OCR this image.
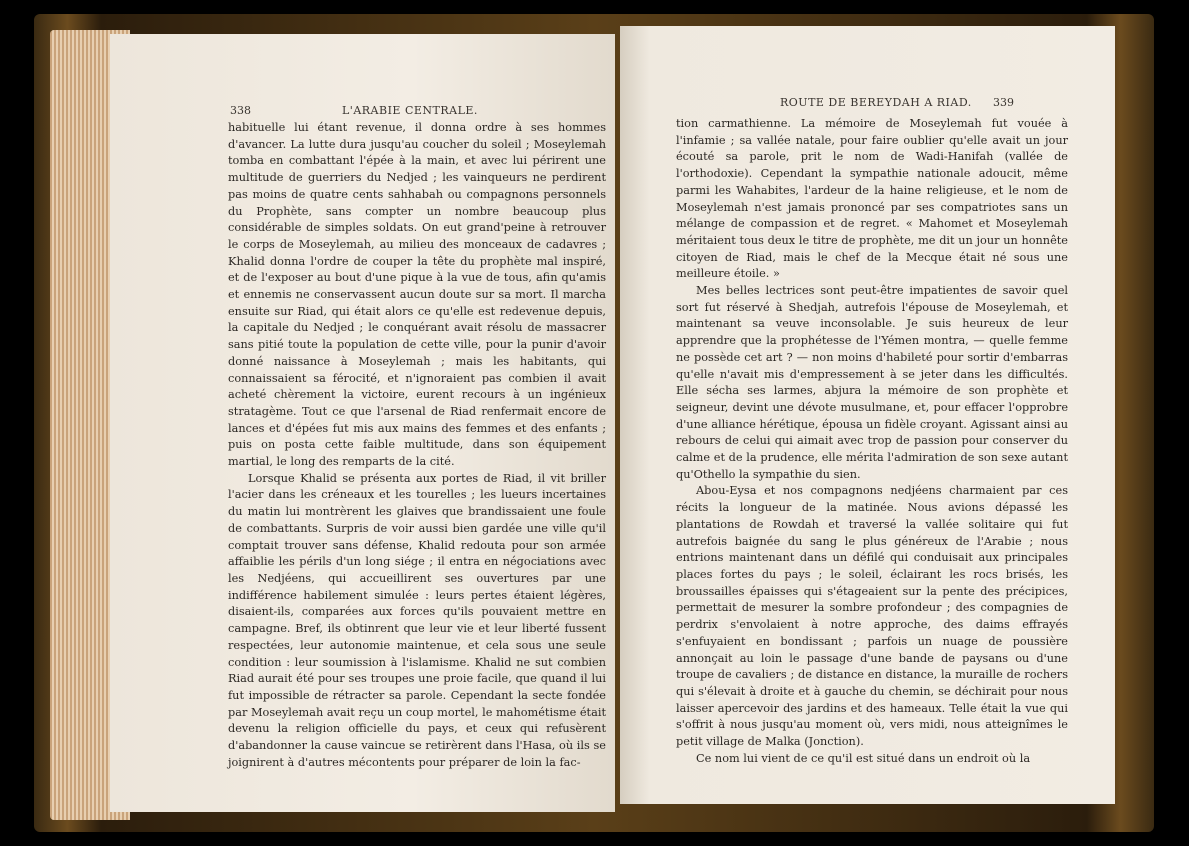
338	L'ARABIE CENTRALE.

habituelle lui étant revenue, il donna ordre à ses hommes d'avancer. La lutte dura jusqu'au coucher du soleil ; Moseylemah tomba en combattant l'épée à la main, et avec lui périrent une multitude de guerriers du Nedjed ; les vainqueurs ne perdirent pas moins de quatre cents sahhabah ou compagnons personnels du Prophète, sans compter un nombre beaucoup plus considérable de simples soldats. On eut grand'peine à retrouver le corps de Moseylemah, au milieu des monceaux de cadavres ; Khalid donna l'ordre de couper la tête du prophète mal inspiré, et de l'exposer au bout d'une pique à la vue de tous, afin qu'amis et ennemis ne conservassent aucun doute sur sa mort. Il marcha ensuite sur Riad, qui était alors ce qu'elle est redevenue depuis, la capitale du Nedjed ; le conquérant avait résolu de massacrer sans pitié toute la population de cette ville, pour la punir d'avoir donné naissance à Moseylemah ; mais les habitants, qui connaissaient sa férocité, et n'ignoraient pas combien il avait acheté chèrement la victoire, eurent recours à un ingénieux stratagème. Tout ce que l'arsenal de Riad renfermait encore de lances et d'épées fut mis aux mains des femmes et des enfants ; puis on posta cette faible multitude, dans son équipement martial, le long des remparts de la cité.

Lorsque Khalid se présenta aux portes de Riad, il vit briller l'acier dans les créneaux et les tourelles ; les lueurs incertaines du matin lui montrèrent les glaives que brandissaient une foule de combattants. Surpris de voir aussi bien gardée une ville qu'il comptait trouver sans défense, Khalid redouta pour son armée affaiblie les périls d'un long siége ; il entra en négociations avec les Nedjéens, qui accueillirent ses ouvertures par une indifférence habilement simulée : leurs pertes étaient légères, disaient-ils, comparées aux forces qu'ils pouvaient mettre en campagne. Bref, ils obtinrent que leur vie et leur liberté fussent respectées, leur autonomie maintenue, et cela sous une seule condition : leur soumission à l'islamisme. Khalid ne sut combien Riad aurait été pour ses troupes une proie facile, que quand il lui fut impossible de rétracter sa parole. Cependant la secte fondée par Moseylemah avait reçu un coup mortel, le mahométisme était devenu la religion officielle du pays, et ceux qui refusèrent d'abandonner la cause vaincue se retirèrent dans l'Hasa, où ils se joignirent à d'autres mécontents pour préparer de loin la fac-

ROUTE DE BEREYDAH A RIAD. 339

tion carmathienne. La mémoire de Moseylemah fut vouée à l'infamie ; sa vallée natale, pour faire oublier qu'elle avait un jour écouté sa parole, prit le nom de Wadi-Hanifah (vallée de l'orthodoxie). Cependant la sympathie nationale adoucit, même parmi les Wahabites, l'ardeur de la haine religieuse, et le nom de Moseylemah n'est jamais prononcé par ses compatriotes sans un mélange de compassion et de regret. « Mahomet et Moseylemah méritaient tous deux le titre de prophète, me dit un jour un honnête citoyen de Riad, mais le chef de la Mecque était né sous une meilleure étoile. »

Mes belles lectrices sont peut-être impatientes de savoir quel sort fut réservé à Shedjah, autrefois l'épouse de Moseylemah, et maintenant sa veuve inconsolable. Je suis heureux de leur apprendre que la prophétesse de l'Yémen montra, — quelle femme ne possède cet art ? — non moins d'habileté pour sortir d'embarras qu'elle n'avait mis d'empressement à se jeter dans les difficultés. Elle sécha ses larmes, abjura la mémoire de son prophète et seigneur, devint une dévote musulmane, et, pour effacer l'opprobre d'une alliance hérétique, épousa un fidèle croyant. Agissant ainsi au rebours de celui qui aimait avec trop de passion pour conserver du calme et de la prudence, elle mérita l'admiration de son sexe autant qu'Othello la sympathie du sien.

Abou-Eysa et nos compagnons nedjéens charmaient par ces récits la longueur de la matinée. Nous avions dépassé les plantations de Rowdah et traversé la vallée solitaire qui fut autrefois baignée du sang le plus généreux de l'Arabie ; nous entrions maintenant dans un défilé qui conduisait aux principales places fortes du pays ; le soleil, éclairant les rocs brisés, les broussailles épaisses qui s'étageaient sur la pente des précipices, permettait de mesurer la sombre profondeur ; des compagnies de perdrix s'envolaient à notre approche, des daims effrayés s'enfuyaient en bondissant ; parfois un nuage de poussière annonçait au loin le passage d'une bande de paysans ou d'une troupe de cavaliers ; de distance en distance, la muraille de rochers qui s'élevait à droite et à gauche du chemin, se déchirait pour nous laisser apercevoir des jardins et des hameaux. Telle était la vue qui s'offrit à nous jusqu'au moment où, vers midi, nous atteignîmes le petit village de Malka (Jonction).

Ce nom lui vient de ce qu'il est situé dans un endroit où la
